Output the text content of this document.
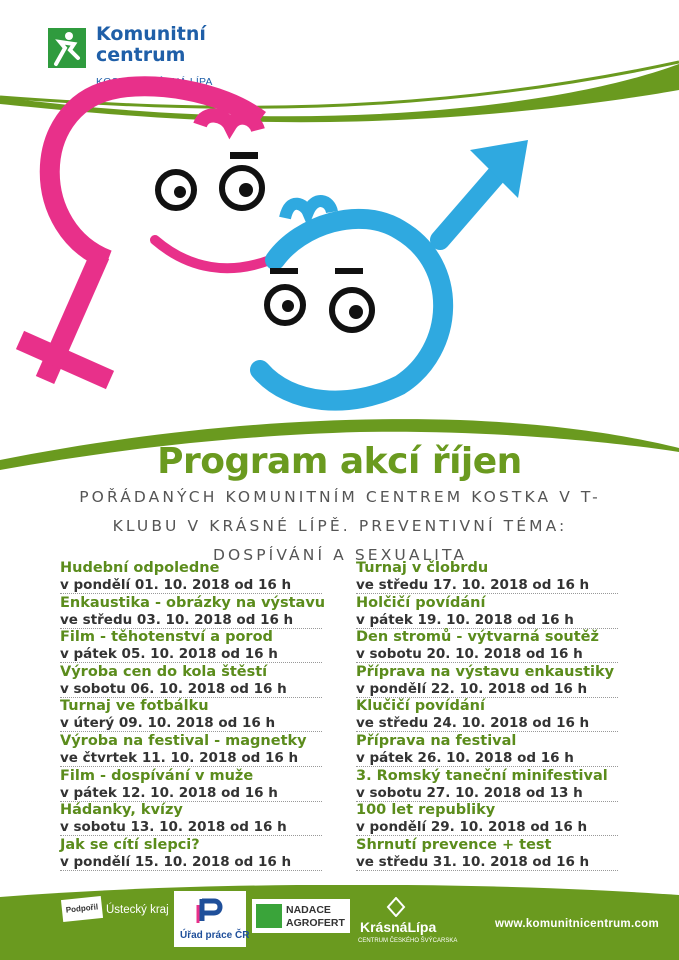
Komunitní centrum
KOSTKA KRÁSNÁ LÍPA
Program akcí říjen
POŘÁDANÝCH KOMUNITNÍM CENTREM KOSTKA V T-KLUBU V KRÁSNÉ LÍPĚ. PREVENTIVNÍ TÉMA: DOSPÍVÁNÍ A SEXUALITA
Hudební odpoledne
v pondělí 01. 10. 2018 od 16 h
Enkaustika - obrázky na výstavu
ve středu 03. 10. 2018 od 16 h
Film - těhotenství a porod
v pátek 05. 10. 2018 od 16 h
Výroba cen do kola štěstí
v sobotu 06. 10. 2018 od 16 h
Turnaj ve fotbálku
v úterý 09. 10. 2018 od 16 h
Výroba na festival - magnetky
ve čtvrtek 11. 10. 2018 od 16 h
Film - dospívání v muže
v pátek 12. 10. 2018 od 16 h
Hádanky, kvízy
v sobotu 13. 10. 2018 od 16 h
Jak se cítí slepci?
v pondělí 15. 10. 2018 od 16 h
Turnaj v člobrdu
ve středu 17. 10. 2018 od 16 h
Holčičí povídání
v pátek 19. 10. 2018 od 16 h
Den stromů - výtvarná soutěž
v sobotu 20. 10. 2018 od 16 h
Příprava na výstavu enkaustiky
v pondělí 22. 10. 2018 od 16 h
Klučičí povídání
ve středu 24. 10. 2018 od 16 h
Příprava na festival
v pátek 26. 10. 2018 od 16 h
3. Romský taneční minifestival
v sobotu 27. 10. 2018 od 13 h
100 let republiky
v pondělí 29. 10. 2018 od 16 h
Shrnutí prevence + test
ve středu 31. 10. 2018 od 16 h
Podpořil Ústecký kraj
Úřad práce ČR
NADACE
AGROFERT KrásnáLípa
CENTRUM ČESKÉHO ŠVÝCARSKA
www.komunitnicentrum.com
